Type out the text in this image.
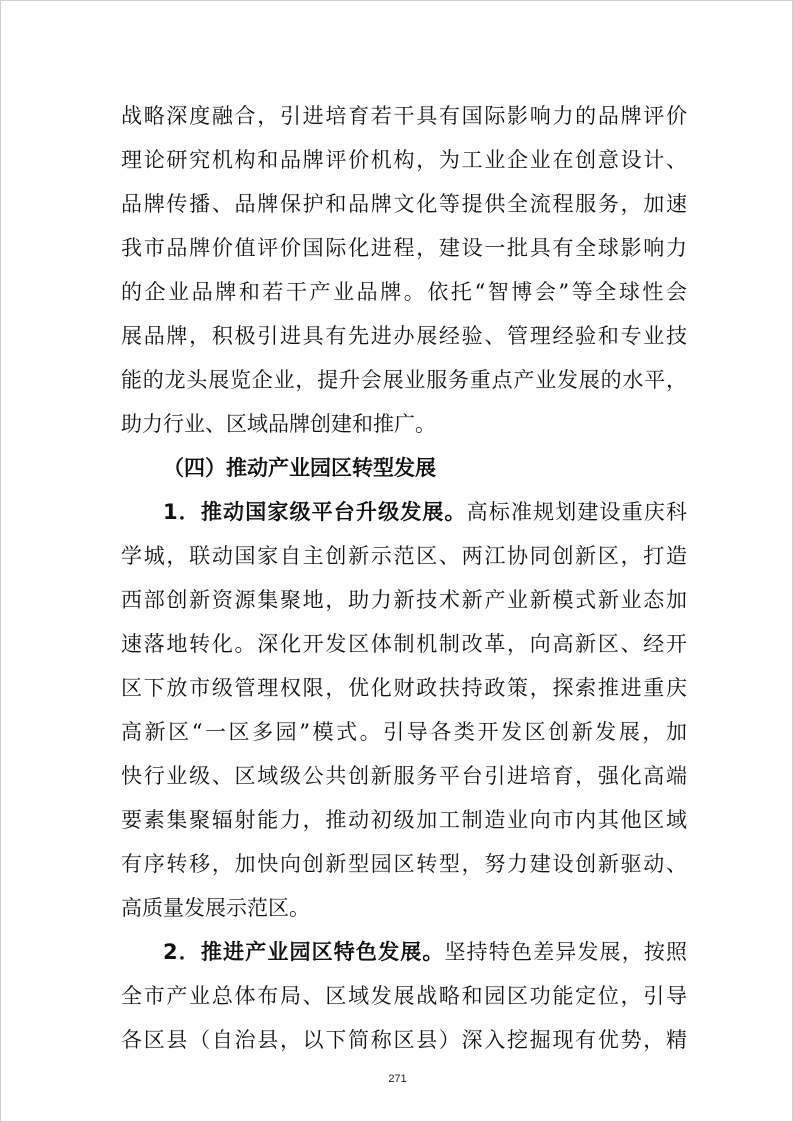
战略深度融合，引进培育若干具有国际影响力的品牌评价
理论研究机构和品牌评价机构，为工业企业在创意设计、
品牌传播、品牌保护和品牌文化等提供全流程服务，加速
我市品牌价值评价国际化进程，建设一批具有全球影响力
的企业品牌和若干产业品牌。依托“智博会”等全球性会
展品牌，积极引进具有先进办展经验、管理经验和专业技
能的龙头展览企业，提升会展业服务重点产业发展的水平，
助力行业、区域品牌创建和推广。
（四）推动产业园区转型发展
1．推动国家级平台升级发展。高标准规划建设重庆科
学城，联动国家自主创新示范区、两江协同创新区，打造
西部创新资源集聚地，助力新技术新产业新模式新业态加
速落地转化。深化开发区体制机制改革，向高新区、经开
区下放市级管理权限，优化财政扶持政策，探索推进重庆
高新区“一区多园”模式。引导各类开发区创新发展，加
快行业级、区域级公共创新服务平台引进培育，强化高端
要素集聚辐射能力，推动初级加工制造业向市内其他区域
有序转移，加快向创新型园区转型，努力建设创新驱动、
高质量发展示范区。
2．推进产业园区特色发展。坚持特色差异发展，按照
全市产业总体布局、区域发展战略和园区功能定位，引导
271
各区县（自治县，以下简称区县）深入挖掘现有优势，精
